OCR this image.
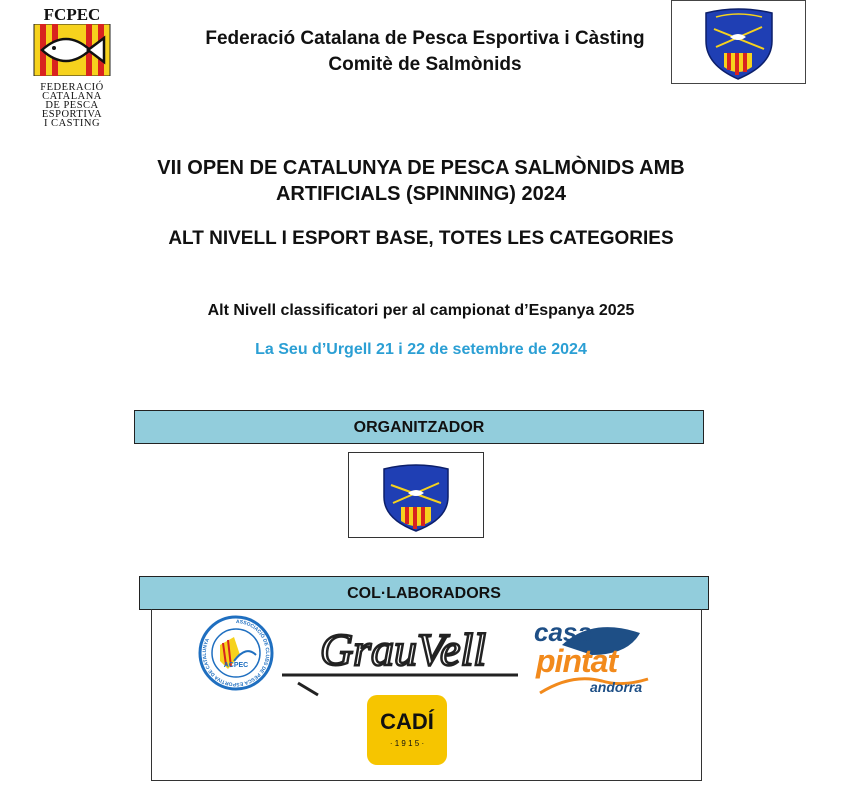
FCPEC
FEDERACIÓ
CATALANA
DE PESCA
ESPORTIVA
I CASTING
Federació Catalana de Pesca Esportiva i Càsting
Comitè de Salmònids
VII OPEN DE CATALUNYA DE PESCA SALMÒNIDS AMB
ARTIFICIALS (SPINNING) 2024
ALT NIVELL I ESPORT BASE, TOTES LES CATEGORIES
Alt Nivell classificatori per al campionat d’Espanya 2025
La Seu d’Urgell 21 i 22 de setembre de 2024
ORGANITZADOR
COL·LABORADORS
ACPEC
ASSOCIACIÓ DE CLUBS DE PESCA ESPORTIVA DE CATALUNYA	GrauVell casa
pintat
andorra
CADÍ
· 1 9 1 5 ·
